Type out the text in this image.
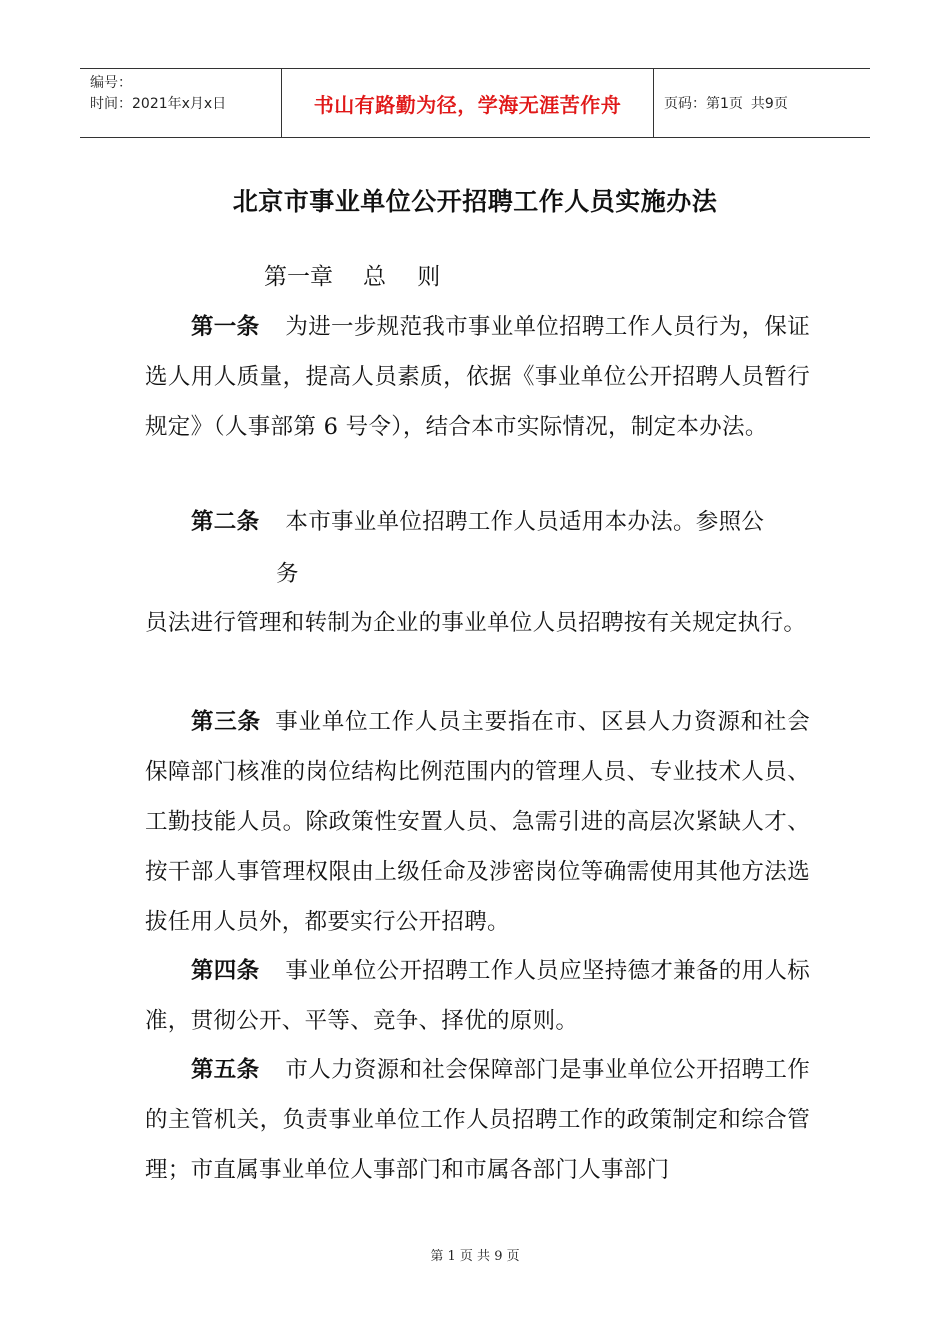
编号：
时间：2021年x月x日	书山有路勤为径，学海无涯苦作舟	页码：第1页 共9页
北京市事业单位公开招聘工作人员实施办法
第一章 总 则
第一条 为进一步规范我市事业单位招聘工作人员行为，保证选人用人质量，提高人员素质，依据《事业单位公开招聘人员暂行规定》（人事部第 6 号令），结合本市实际情况，制定本办法。
第二条 本市事业单位招聘工作人员适用本办法。参照公
务
员法进行管理和转制为企业的事业单位人员招聘按有关规定执行。
第三条 事业单位工作人员主要指在市、区县人力资源和社会保障部门核准的岗位结构比例范围内的管理人员、专业技术人员、工勤技能人员。除政策性安置人员、急需引进的高层次紧缺人才、按干部人事管理权限由上级任命及涉密岗位等确需使用其他方法选拔任用人员外，都要实行公开招聘。
第四条 事业单位公开招聘工作人员应坚持德才兼备的用人标准，贯彻公开、平等、竞争、择优的原则。
第五条 市人力资源和社会保障部门是事业单位公开招聘工作的主管机关，负责事业单位工作人员招聘工作的政策制定和综合管理；市直属事业单位人事部门和市属各部门人事部门
第 1 页 共 9 页
